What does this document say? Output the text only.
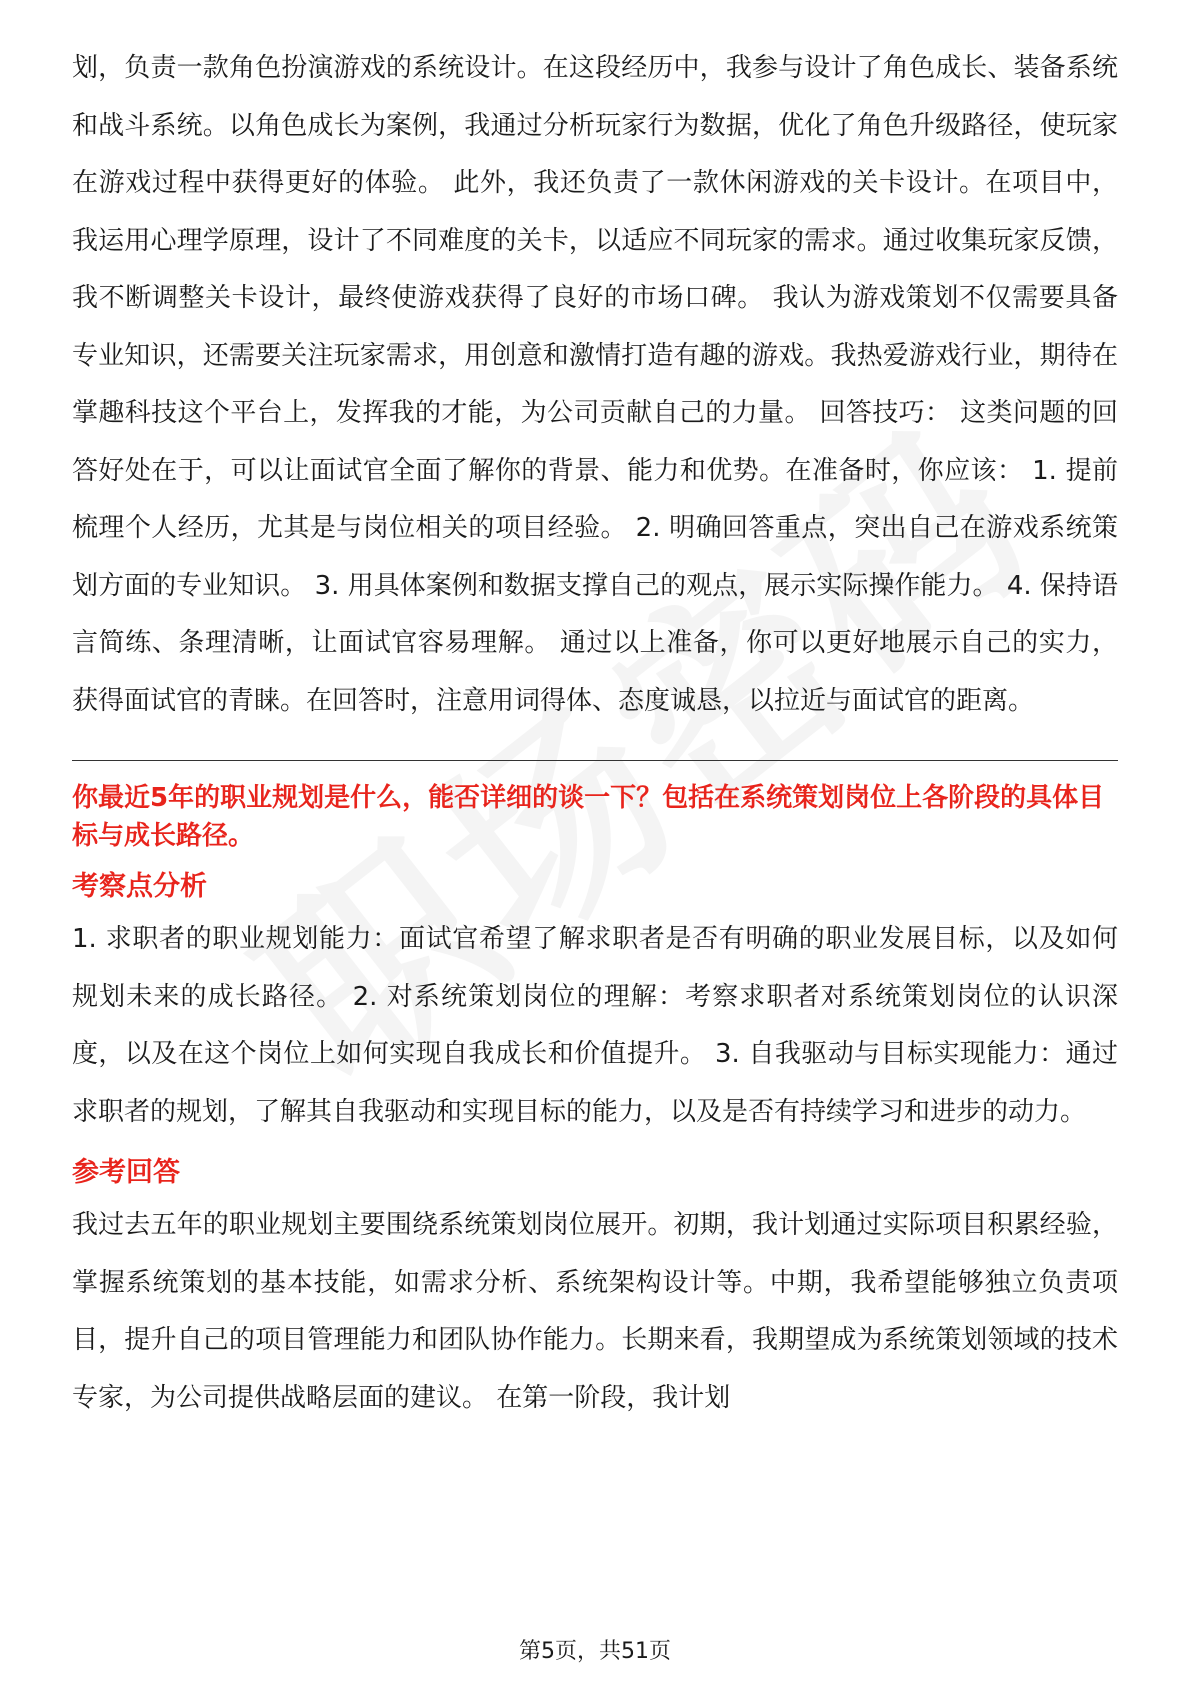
划，负责一款角色扮演游戏的系统设计。在这段经历中，我参与设计了角色成长、装备系统和战斗系统。以角色成长为案例，我通过分析玩家行为数据，优化了角色升级路径，使玩家在游戏过程中获得更好的体验。 此外，我还负责了一款休闲游戏的关卡设计。在项目中，我运用心理学原理，设计了不同难度的关卡，以适应不同玩家的需求。通过收集玩家反馈，我不断调整关卡设计，最终使游戏获得了良好的市场口碑。 我认为游戏策划不仅需要具备专业知识，还需要关注玩家需求，用创意和激情打造有趣的游戏。我热爱游戏行业，期待在掌趣科技这个平台上，发挥我的才能，为公司贡献自己的力量。 回答技巧： 这类问题的回答好处在于，可以让面试官全面了解你的背景、能力和优势。在准备时，你应该： 1. 提前梳理个人经历，尤其是与岗位相关的项目经验。 2. 明确回答重点，突出自己在游戏系统策划方面的专业知识。 3. 用具体案例和数据支撑自己的观点，展示实际操作能力。 4. 保持语言简练、条理清晰，让面试官容易理解。 通过以上准备，你可以更好地展示自己的实力，获得面试官的青睐。在回答时，注意用词得体、态度诚恳，以拉近与面试官的距离。

你最近5年的职业规划是什么，能否详细的谈一下？包括在系统策划岗位上各阶段的具体目标与成长路径。

考察点分析

1. 求职者的职业规划能力：面试官希望了解求职者是否有明确的职业发展目标，以及如何规划未来的成长路径。 2. 对系统策划岗位的理解：考察求职者对系统策划岗位的认识深度，以及在这个岗位上如何实现自我成长和价值提升。 3. 自我驱动与目标实现能力：通过求职者的规划，了解其自我驱动和实现目标的能力，以及是否有持续学习和进步的动力。

参考回答

我过去五年的职业规划主要围绕系统策划岗位展开。初期，我计划通过实际项目积累经验，掌握系统策划的基本技能，如需求分析、系统架构设计等。中期，我希望能够独立负责项目，提升自己的项目管理能力和团队协作能力。长期来看，我期望成为系统策划领域的技术专家，为公司提供战略层面的建议。 在第一阶段，我计划

第5页，共51页
